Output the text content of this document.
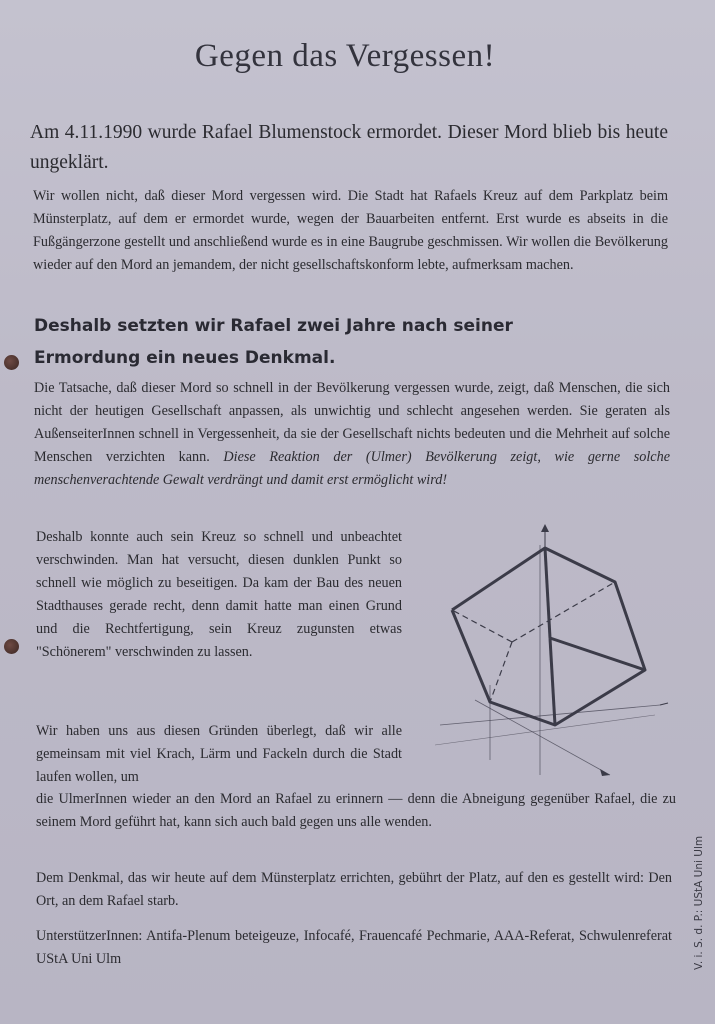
Gegen das Vergessen!
Am 4.11.1990 wurde Rafael Blumenstock ermordet. Dieser Mord blieb bis heute ungeklärt.
Wir wollen nicht, daß dieser Mord vergessen wird. Die Stadt hat Rafaels Kreuz auf dem Parkplatz beim Münsterplatz, auf dem er ermordet wurde, wegen der Bauarbeiten entfernt. Erst wurde es abseits in die Fußgängerzone gestellt und anschließend wurde es in eine Baugrube geschmissen. Wir wollen die Bevölkerung wieder auf den Mord an jemandem, der nicht gesellschaftskonform lebte, aufmerksam machen.
Deshalb setzten wir Rafael zwei Jahre nach seiner Ermordung ein neues Denkmal.
Die Tatsache, daß dieser Mord so schnell in der Bevölkerung vergessen wurde, zeigt, daß Menschen, die sich nicht der heutigen Gesellschaft anpassen, als unwichtig und schlecht angesehen werden. Sie geraten als AußenseiterInnen schnell in Vergessenheit, da sie der Gesellschaft nichts bedeuten und die Mehrheit auf solche Menschen verzichten kann. Diese Reaktion der (Ulmer) Bevölkerung zeigt, wie gerne solche menschenverachtende Gewalt verdrängt und damit erst ermöglicht wird!
Deshalb konnte auch sein Kreuz so schnell und unbeachtet verschwinden. Man hat versucht, diesen dunklen Punkt so schnell wie möglich zu beseitigen. Da kam der Bau des neuen Stadthauses gerade recht, denn damit hatte man einen Grund und die Rechtfertigung, sein Kreuz zugunsten etwas "Schönerem" verschwinden zu lassen.
Wir haben uns aus diesen Gründen überlegt, daß wir alle gemeinsam mit viel Krach, Lärm und Fackeln durch die Stadt laufen wollen, um
die UlmerInnen wieder an den Mord an Rafael zu erinnern — denn die Abneigung gegenüber Rafael, die zu seinem Mord geführt hat, kann sich auch bald gegen uns alle wenden.
Dem Denkmal, das wir heute auf dem Münsterplatz errichten, gebührt der Platz, auf den es gestellt wird: Den Ort, an dem Rafael starb.
UnterstützerInnen: Antifa-Plenum beteigeuze, Infocafé, Frauencafé Pechmarie, AAA-Referat, Schwulenreferat UStA Uni Ulm	V. i. S. d. P.: UStA Uni Ulm
